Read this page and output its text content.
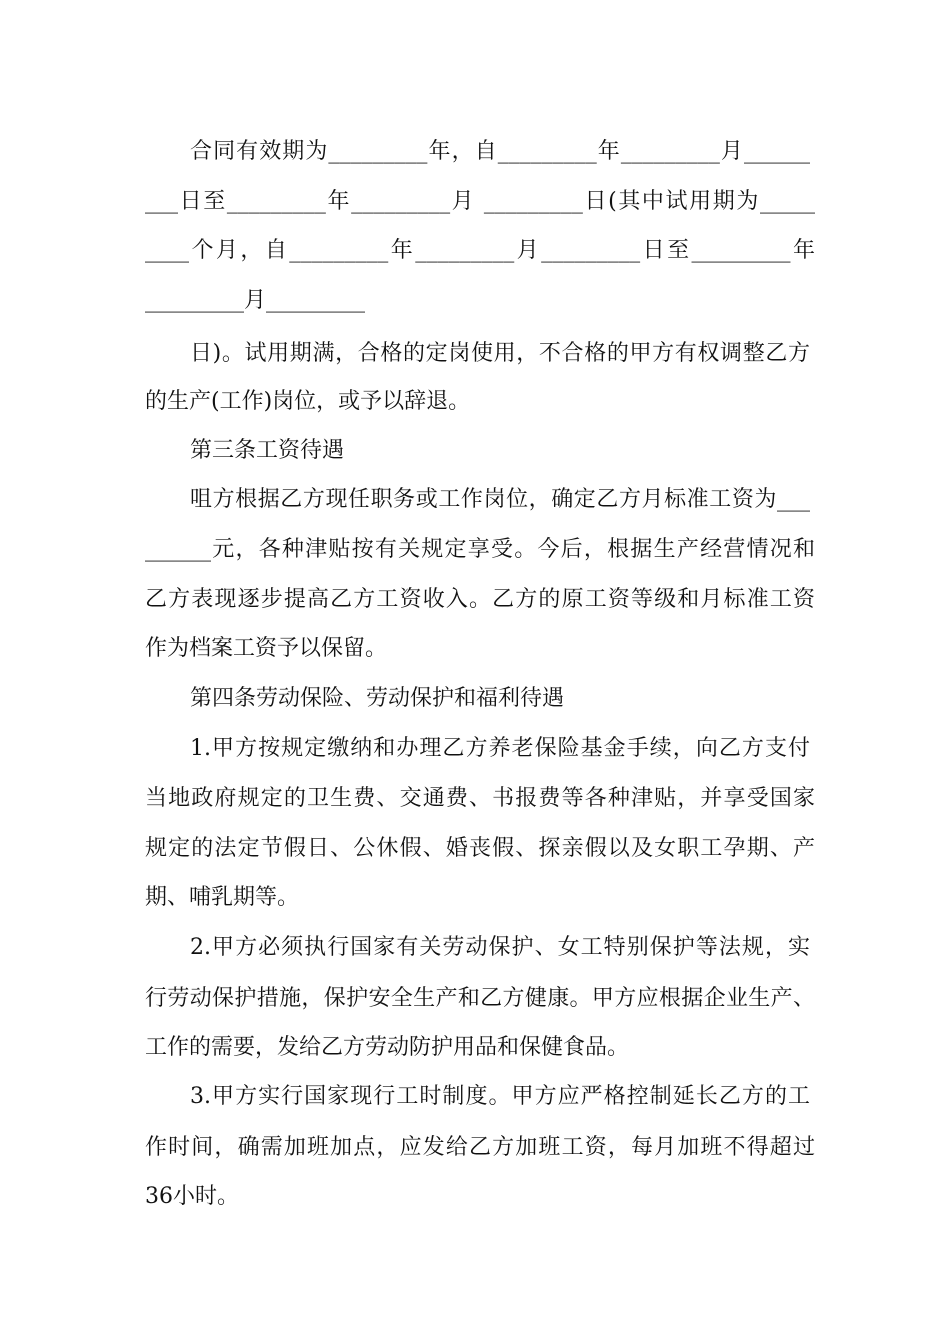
合同有效期为_________年，自_________年_________月______
___日至_________年_________月 _________日(其中试用期为_____
____个月，自_________年_________月_________日至_________年
_________月_________
日)。试用期满，合格的定岗使用，不合格的甲方有权调整乙方
的生产(工作)岗位，或予以辞退。
第三条工资待遇
咀方根据乙方现任职务或工作岗位，确定乙方月标准工资为___
______元，各种津贴按有关规定享受。今后，根据生产经营情况和
乙方表现逐步提高乙方工资收入。乙方的原工资等级和月标准工资
作为档案工资予以保留。
第四条劳动保险、劳动保护和福利待遇
1.甲方按规定缴纳和办理乙方养老保险基金手续，向乙方支付
当地政府规定的卫生费、交通费、书报费等各种津贴，并享受国家
规定的法定节假日、公休假、婚丧假、探亲假以及女职工孕期、产
期、哺乳期等。
2.甲方必须执行国家有关劳动保护、女工特别保护等法规，实
行劳动保护措施，保护安全生产和乙方健康。甲方应根据企业生产、
工作的需要，发给乙方劳动防护用品和保健食品。
3.甲方实行国家现行工时制度。甲方应严格控制延长乙方的工
作时间，确需加班加点，应发给乙方加班工资，每月加班不得超过
36小时。
